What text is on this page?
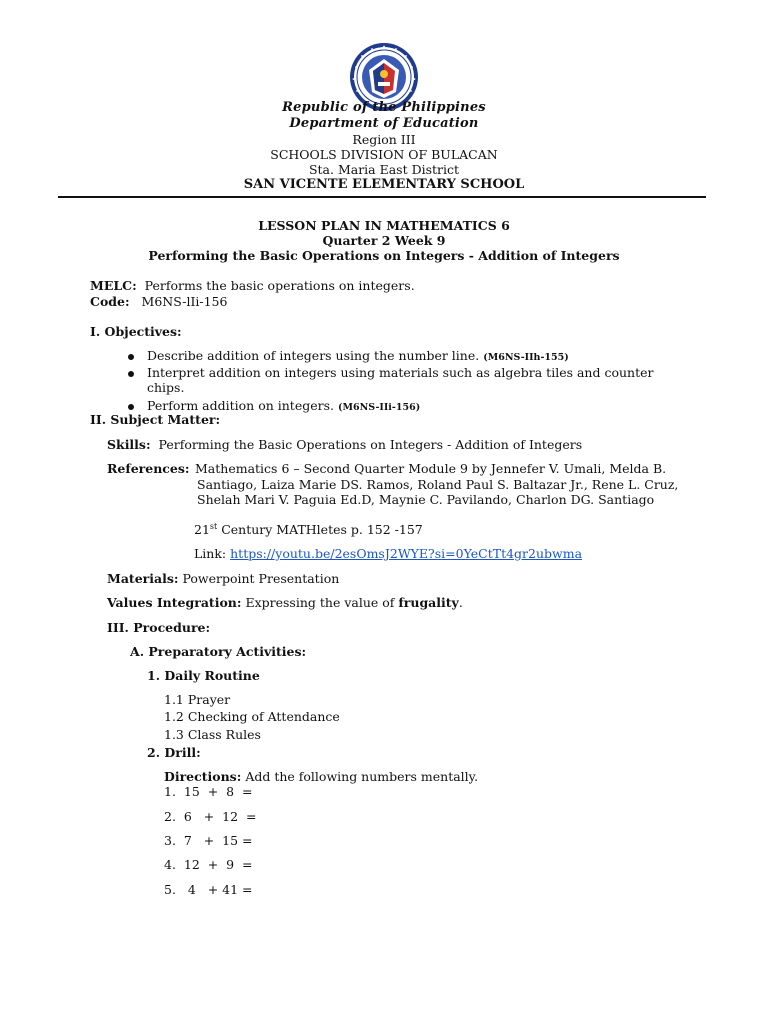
Republic of the Philippines
Department of Education
Region III
SCHOOLS DIVISION OF BULACAN
Sta. Maria East District
SAN VICENTE ELEMENTARY SCHOOL
LESSON PLAN IN MATHEMATICS 6
Quarter 2 Week 9
Performing the Basic Operations on Integers - Addition of Integers
MELC: Performs the basic operations on integers.
Code: M6NS-lIi-156
I. Objectives:
Describe addition of integers using the number line. (M6NS-IIh-155)
Interpret addition on integers using materials such as algebra tiles and counter
chips.
Perform addition on integers. (M6NS-IIi-156)
II. Subject Matter:
Skills: Performing the Basic Operations on Integers - Addition of Integers
References: Mathematics 6 – Second Quarter Module 9 by Jennefer V. Umali, Melda B.
Santiago, Laiza Marie DS. Ramos, Roland Paul S. Baltazar Jr., Rene L. Cruz,
Shelah Mari V. Paguia Ed.D, Maynie C. Pavilando, Charlon DG. Santiago
21st Century MATHletes p. 152 -157
Link: https://youtu.be/2esOmsJ2WYE?si=0YeCtTt4gr2ubwma
Materials: Powerpoint Presentation
Values Integration: Expressing the value of frugality.
III. Procedure:
A. Preparatory Activities:
1. Daily Routine
1.1 Prayer
1.2 Checking of Attendance
1.3 Class Rules
2. Drill:
Directions: Add the following numbers mentally.
1.  15  +  8  =
2.  6   +  12  =
3.  7   +  15 =
4.  12  +  9  =
5.   4   + 41 =
